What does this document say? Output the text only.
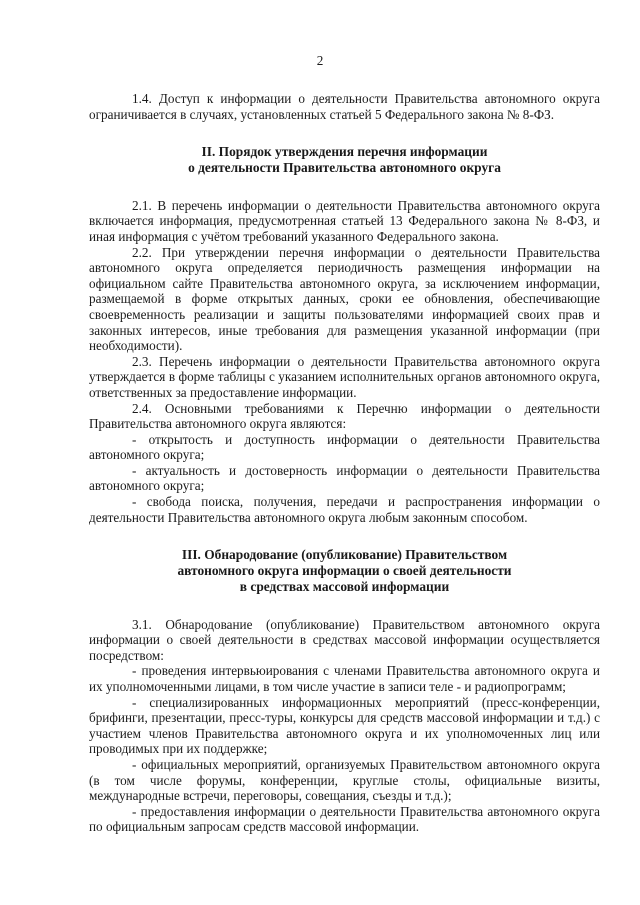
2

1.4. Доступ к информации о деятельности Правительства автономного округа ограничивается в случаях, установленных статьей 5 Федерального закона № 8-ФЗ.

II. Порядок утверждения перечня информации
о деятельности Правительства автономного округа

2.1. В перечень информации о деятельности Правительства автономного округа включается информация, предусмотренная статьей 13 Федерального закона № 8-ФЗ, и иная информация с учётом требований указанного Федерального закона.

2.2. При утверждении перечня информации о деятельности Правительства автономного округа определяется периодичность размещения информации на официальном сайте Правительства автономного округа, за исключением информации, размещаемой в форме открытых данных, сроки ее обновления, обеспечивающие своевременность реализации и защиты пользователями информацией своих прав и законных интересов, иные требования для размещения указанной информации (при необходимости).

2.3. Перечень информации о деятельности Правительства автономного округа утверждается в форме таблицы с указанием исполнительных органов автономного округа, ответственных за предоставление информации.

2.4. Основными требованиями к Перечню информации о деятельности Правительства автономного округа являются:

- открытость и доступность информации о деятельности Правительства автономного округа;

- актуальность и достоверность информации о деятельности Правительства автономного округа;

- свобода поиска, получения, передачи и распространения информации о деятельности Правительства автономного округа любым законным способом.

III. Обнародование (опубликование) Правительством
автономного округа информации о своей деятельности
в средствах массовой информации

3.1. Обнародование (опубликование) Правительством автономного округа информации о своей деятельности в средствах массовой информации осуществляется посредством:

- проведения интервьюирования с членами Правительства автономного округа и их уполномоченными лицами, в том числе участие в записи теле - и радиопрограмм;

- специализированных информационных мероприятий (пресс-конференции, брифинги, презентации, пресс-туры, конкурсы для средств массовой информации и т.д.) с участием членов Правительства автономного округа и их уполномоченных лиц или проводимых при их поддержке;

- официальных мероприятий, организуемых Правительством автономного округа (в том числе форумы, конференции, круглые столы, официальные визиты, международные встречи, переговоры, совещания, съезды и т.д.);

- предоставления информации о деятельности Правительства автономного округа по официальным запросам средств массовой информации.
